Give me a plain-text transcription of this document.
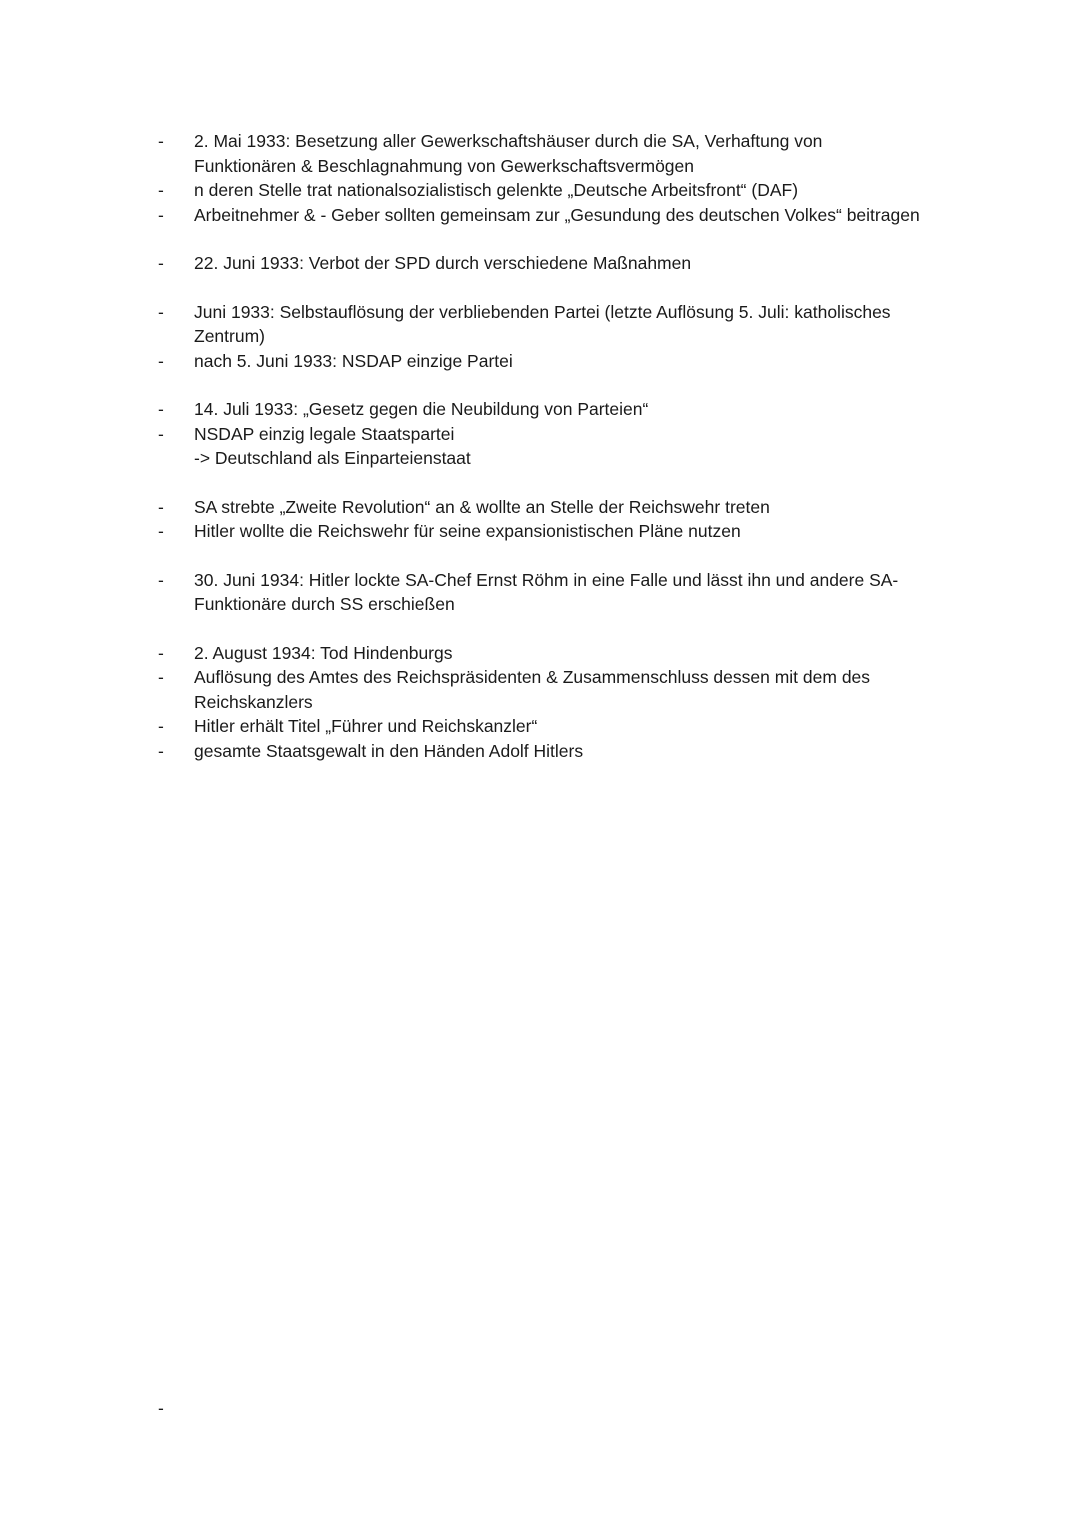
-	2. Mai 1933: Besetzung aller Gewerkschaftshäuser durch die SA, Verhaftung von Funktionären & Beschlagnahmung von Gewerkschaftsvermögen
-	n deren Stelle trat nationalsozialistisch gelenkte „Deutsche Arbeitsfront“ (DAF)
-	Arbeitnehmer & - Geber sollten gemeinsam zur „Gesundung des deutschen Volkes“ beitragen
-	22. Juni 1933: Verbot der SPD durch verschiedene Maßnahmen
-	Juni 1933: Selbstauflösung der verbliebenden Partei (letzte Auflösung 5. Juli: katholisches Zentrum)
-	nach 5. Juni 1933: NSDAP einzige Partei
-	14. Juli 1933: „Gesetz gegen die Neubildung von Parteien“
-	NSDAP einzig legale Staatspartei
-> Deutschland als Einparteienstaat
-	SA strebte „Zweite Revolution“ an & wollte an Stelle der Reichswehr treten
-	Hitler wollte die Reichswehr für seine expansionistischen Pläne nutzen
-	30. Juni 1934: Hitler lockte SA-Chef Ernst Röhm in eine Falle und lässt ihn und andere SA-Funktionäre durch SS erschießen
-	2. August 1934: Tod Hindenburgs
-	Auflösung des Amtes des Reichspräsidenten & Zusammenschluss dessen mit dem des Reichskanzlers
-	Hitler erhält Titel „Führer und Reichskanzler“
-	gesamte Staatsgewalt in den Händen Adolf Hitlers
-
